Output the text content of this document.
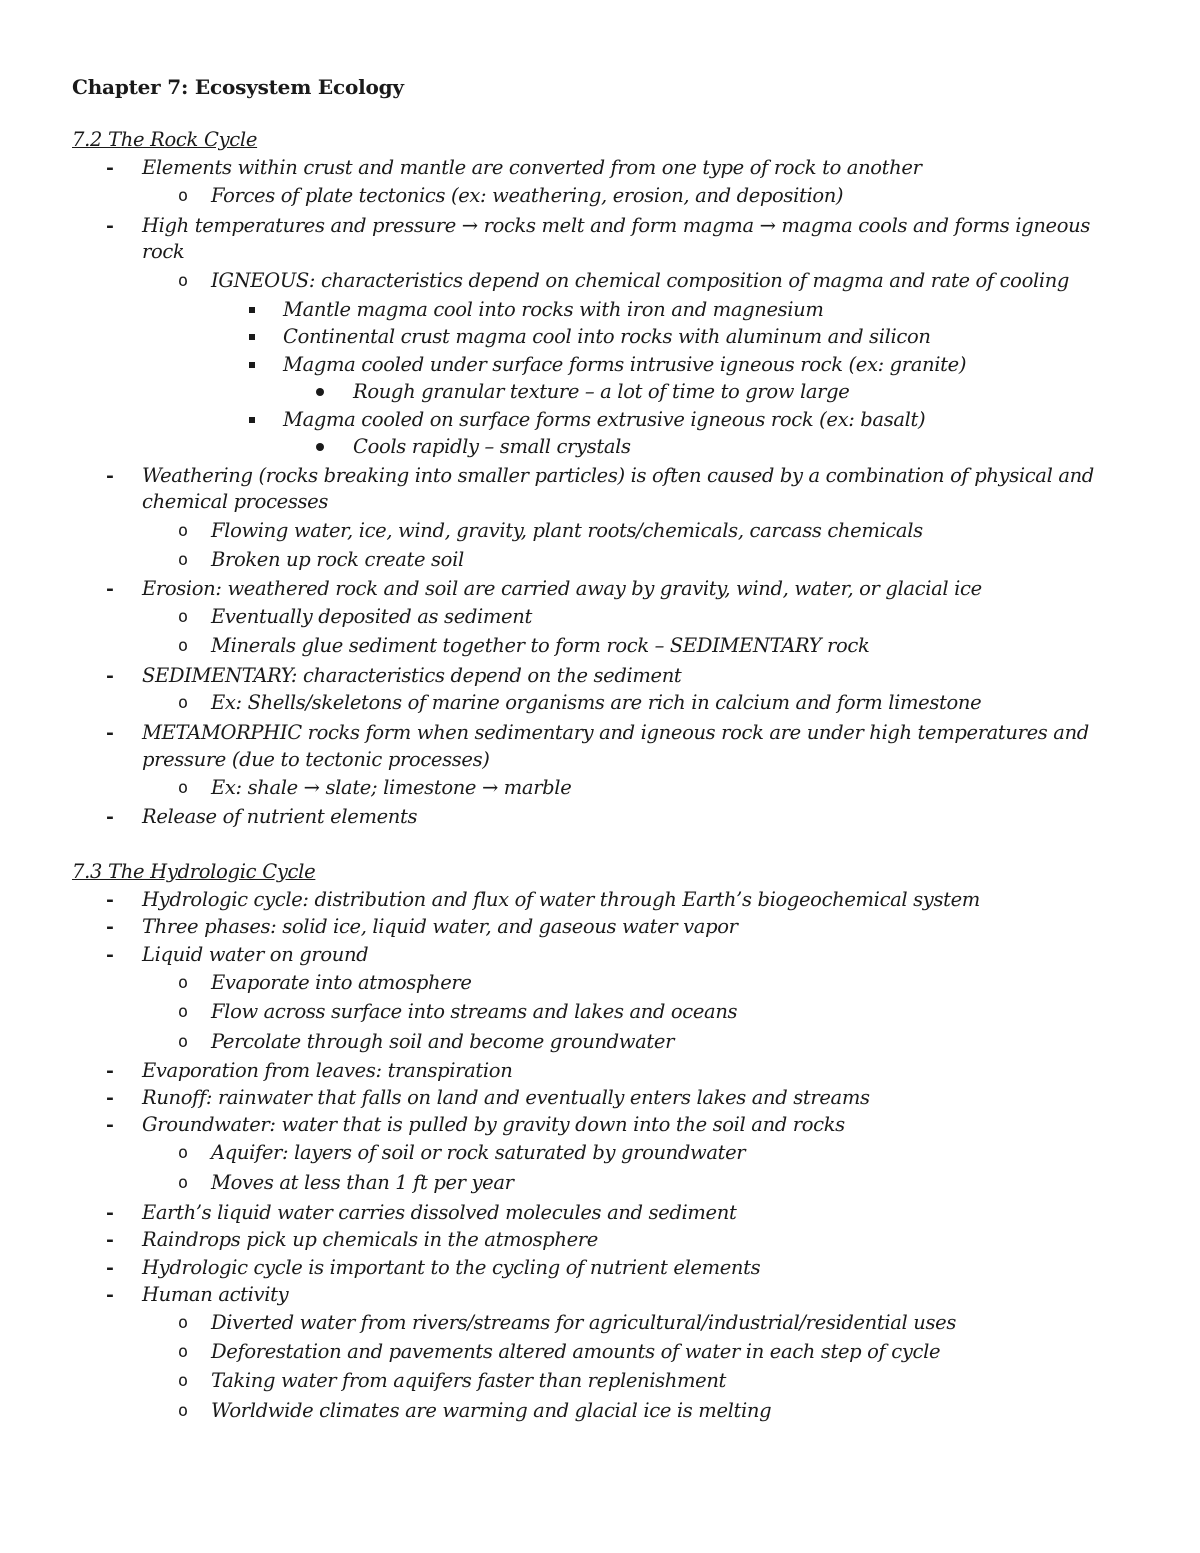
Chapter 7: Ecosystem Ecology
7.2 The Rock Cycle
- Elements within crust and mantle are converted from one type of rock to another
o Forces of plate tectonics (ex: weathering, erosion, and deposition)
- High temperatures and pressure → rocks melt and form magma → magma cools and forms igneous
rock
o IGNEOUS: characteristics depend on chemical composition of magma and rate of cooling
Mantle magma cool into rocks with iron and magnesium
Continental crust magma cool into rocks with aluminum and silicon
Magma cooled under surface forms intrusive igneous rock (ex: granite)
Rough granular texture – a lot of time to grow large
Magma cooled on surface forms extrusive igneous rock (ex: basalt)
Cools rapidly – small crystals
- Weathering (rocks breaking into smaller particles) is often caused by a combination of physical and
chemical processes
o Flowing water, ice, wind, gravity, plant roots/chemicals, carcass chemicals
o Broken up rock create soil
- Erosion: weathered rock and soil are carried away by gravity, wind, water, or glacial ice
o Eventually deposited as sediment
o Minerals glue sediment together to form rock – SEDIMENTARY rock
- SEDIMENTARY: characteristics depend on the sediment
o Ex: Shells/skeletons of marine organisms are rich in calcium and form limestone
- METAMORPHIC rocks form when sedimentary and igneous rock are under high temperatures and
pressure (due to tectonic processes)
o Ex: shale → slate; limestone → marble
- Release of nutrient elements
7.3 The Hydrologic Cycle
- Hydrologic cycle: distribution and flux of water through Earth’s biogeochemical system
- Three phases: solid ice, liquid water, and gaseous water vapor
- Liquid water on ground
o Evaporate into atmosphere
o Flow across surface into streams and lakes and oceans
o Percolate through soil and become groundwater
- Evaporation from leaves: transpiration
- Runoff: rainwater that falls on land and eventually enters lakes and streams
- Groundwater: water that is pulled by gravity down into the soil and rocks
o Aquifer: layers of soil or rock saturated by groundwater
o Moves at less than 1 ft per year
- Earth’s liquid water carries dissolved molecules and sediment
- Raindrops pick up chemicals in the atmosphere
- Hydrologic cycle is important to the cycling of nutrient elements
- Human activity
o Diverted water from rivers/streams for agricultural/industrial/residential uses
o Deforestation and pavements altered amounts of water in each step of cycle
o Taking water from aquifers faster than replenishment
o Worldwide climates are warming and glacial ice is melting
